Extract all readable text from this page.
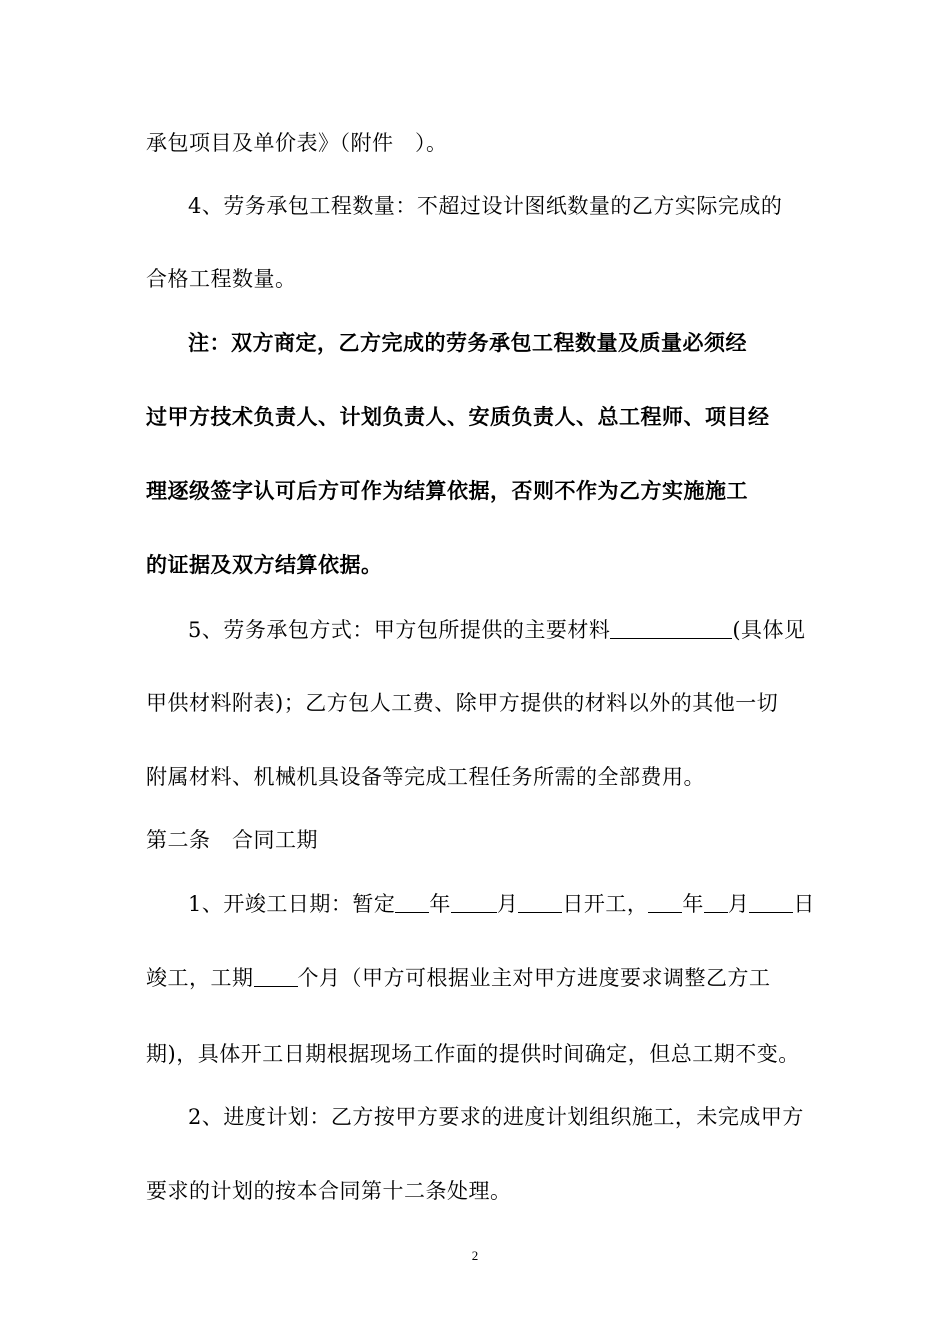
承包项目及单价表》（附件　）。
4、劳务承包工程数量：不超过设计图纸数量的乙方实际完成的
合格工程数量。
注：双方商定，乙方完成的劳务承包工程数量及质量必须经
过甲方技术负责人、计划负责人、安质负责人、总工程师、项目经
理逐级签字认可后方可作为结算依据，否则不作为乙方实施施工
的证据及双方结算依据。
5、劳务承包方式：甲方包所提供的主要材料	(具体见
甲供材料附表)；乙方包人工费、除甲方提供的材料以外的其他一切
附属材料、机械机具设备等完成工程任务所需的全部费用。
第二条　合同工期
1、开竣工日期：暂定 年 月 日开工， 年 月 日
竣工，工期 个月（甲方可根据业主对甲方进度要求调整乙方工
期)，具体开工日期根据现场工作面的提供时间确定，但总工期不变。
2、进度计划：乙方按甲方要求的进度计划组织施工，未完成甲方
要求的计划的按本合同第十二条处理。
2
